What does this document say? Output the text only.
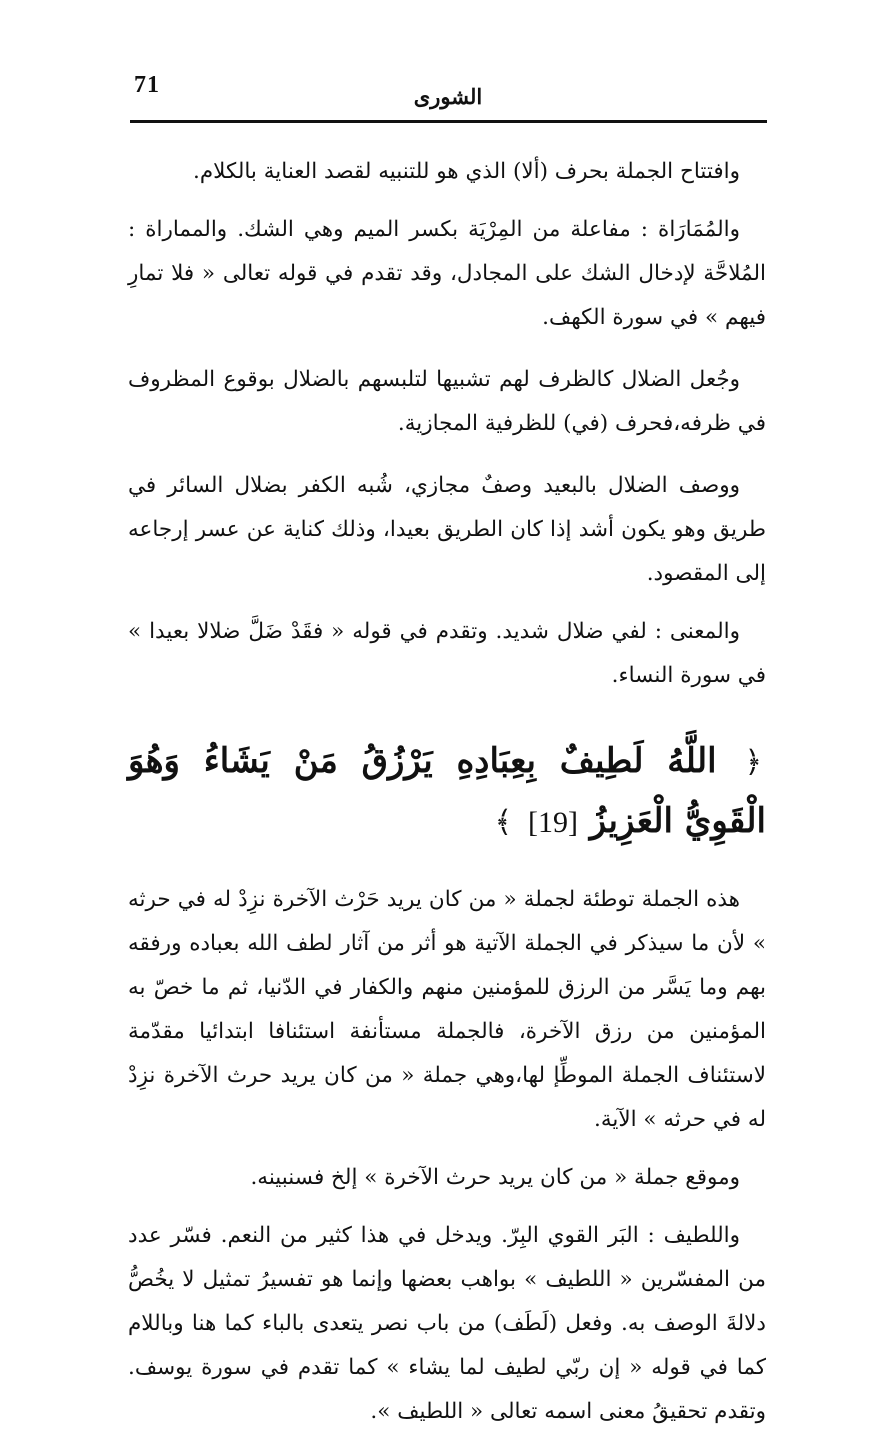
71	الشورى

وافتتاح الجملة بحرف (ألا) الذي هو للتنبيه لقصد العناية بالكلام.

والمُمَارَاة : مفاعلة من المِرْيَة بكسر الميم وهي الشك. والمماراة : المُلاحَّة لإدخال الشك على المجادل، وقد تقدم في قوله تعالى « فلا تمارِ فيهم » في سورة الكهف.

وجُعل الضلال كالظرف لهم تشبيها لتلبسهم بالضلال بوقوع المظروف في ظرفه،فحرف (في) للظرفية المجازية.

ووصف الضلال بالبعيد وصفٌ مجازي، شُبه الكفر بضلال السائر في طريق وهو يكون أشد إذا كان الطريق بعيدا، وذلك كناية عن عسر إرجاعه إلى المقصود.

والمعنى : لفي ضلال شديد. وتقدم في قوله « فقَدْ ضَلَّ ضلالا بعيدا » في سورة النساء.

﴿ اللَّهُ لَطِيفٌ بِعِبَادِهِ يَرْزُقُ مَنْ يَشَاءُ وَهُوَ الْقَوِيُّ الْعَزِيزُ [19] ﴾

هذه الجملة توطئة لجملة « من كان يريد حَرْث الآخرة نزِدْ له في حرثه » لأن ما سيذكر في الجملة الآتية هو أثر من آثار لطف الله بعباده ورفقه بهم وما يَسَّر من الرزق للمؤمنين منهم والكفار في الدّنيا، ثم ما خصّ به المؤمنين من رزق الآخرة، فالجملة مستأنفة استئنافا ابتدائيا مقدّمة لاستئناف الجملة الموطِّإ لها،وهي جملة « من كان يريد حرث الآخرة نزِدْ له في حرثه » الآية.

وموقع جملة « من كان يريد حرث الآخرة » إلخ فسنبينه.

واللطيف : البَر القوي البِرّ. ويدخل في هذا كثير من النعم. فسّر عدد من المفسّرين « اللطيف » بواهب بعضها وإنما هو تفسيرُ تمثيل لا يخُصُّ دلالةَ الوصف به. وفعل (لَطَف) من باب نصر يتعدى بالباء كما هنا وباللام كما في قوله « إن ربّي لطيف لما يشاء » كما تقدم في سورة يوسف. وتقدم تحقيقُ معنى اسمه تعالى « اللطيف ».
